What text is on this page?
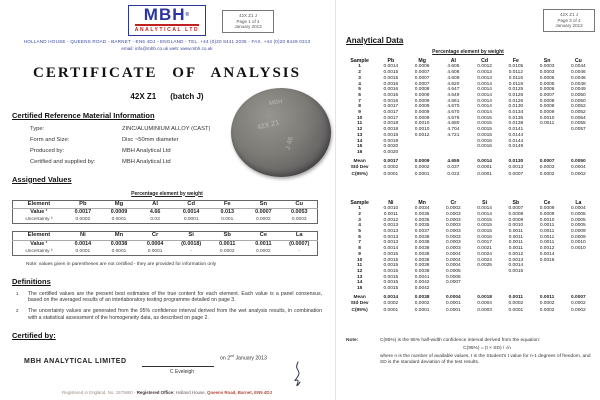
MBH®
ANALYTICAL LTD
42X Z1 J
Page 1 of 4
January 2013
HOLLAND HOUSE - QUEENS ROAD - BARNET - EN5 4DJ - ENGLAND - TEL. +44 (0)20 8441 2035 - FAX. +44 (0)20 8449 0313
email: info@mbh.co.uk web: www.mbh.co.uk
CERTIFICATE OF ANALYSIS
42X Z1 (batch J)
Certified Reference Material Information
Type:	ZINC/ALUMINIUM ALLOY (CAST)
Form and Size:	Disc ~50mm diameter
Produced by:	MBH Analytical Ltd
Certified and supplied by:	MBH Analytical Ltd
MBH
42X Z1
J 46
Assigned Values
Percentage element by weight
Element	Pb	Mg	Al	Cd	Fe	Sn	Cu
Value ¹	0.0017	0.0009	4.66	0.0014	0.013	0.0007	0.0053
Uncertainty ²	0.0002	0.0001	0.03	0.0001	0.001	0.0002	0.0003
Element	Ni	Mn	Cr	Si	Sb	Ce	La
Value ¹	0.0014	0.0038	0.0004	(0.0018)	0.0011	0.0011	(0.0007)
Uncertainty ²	0.0001	0.0001	0.0001	-	0.0002	0.0002	-
Note: values given in parentheses are not certified - they are provided for information only
Definitions
1	The certified values are the present best estimates of the true content for each element. Each value is a panel consensus, based on the averaged results of an interlaboratory testing programme detailed on page 3.
2	The uncertainty values are generated from the 95% confidence interval derived from the wet analysis results, in combination with a statistical assessment of the homogeneity data, as described on page 2.
Certified by:
MBH ANALYTICAL LIMITED
C Eveleigh
on 2nd January 2013
Registered in England, No. 1575660 - Registered Office: Holland House, Queens Road, Barnet, EN5 4DJ
42X Z1 J
Page 3 of 4
January 2013
Analytical Data
Percentage element by weight
Sample	Pb	Mg	Al	Cd	Fe	Sn	Cu
1	0.0014	0.0006	4.605	0.0012	0.0105	0.0003	0.0044
2	0.0015	0.0007	4.608	0.0013	0.0112	0.0003	0.0046
3	0.0015	0.0007	4.609	0.0013	0.0116	0.0005	0.0046
4	0.0016	0.0007	4.620	0.0014	0.0118	0.0005	0.0048
5	0.0016	0.0008	4.647	0.0014	0.0125	0.0006	0.0049
6	0.0016	0.0009	4.649	0.0014	0.0126	0.0007	0.0050
7	0.0016	0.0009	4.661	0.0014	0.0126	0.0008	0.0050
8	0.0017	0.0009	4.670	0.0014	0.0130	0.0008	0.0052
9	0.0017	0.0009	4.670	0.0014	0.0134	0.0009	0.0052
10	0.0017	0.0009	4.676	0.0015	0.0135	0.0010	0.0054
11	0.0018	0.0010	4.680	0.0015	0.0138	0.0011	0.0055
12	0.0018	0.0010	4.704	0.0015	0.0141		0.0057
13	0.0018	0.0012	4.721	0.0015	0.0144		
14	0.0019			0.0016	0.0144		
15	0.0020			0.0016	0.0149		
16	0.0020						
Mean	0.0017	0.0009	4.655	0.0014	0.0130	0.0007	0.0050
Std Dev	0.0002	0.0002	0.037	0.0001	0.0013	0.0003	0.0004
C(95%)	0.0001	0.0001	0.022	0.0001	0.0007	0.0002	0.0002
Sample	Ni	Mn	Cr	Si	Sb	Ce	La
1	0.0010	0.0034	0.0002	0.0014	0.0007	0.0009	0.0004
2	0.0011	0.0035	0.0003	0.0014	0.0008	0.0009	0.0005
3	0.0012	0.0035	0.0003	0.0015	0.0009	0.0010	0.0005
4	0.0013	0.0035	0.0003	0.0015	0.0010	0.0011	0.0005
5	0.0013	0.0037	0.0003	0.0015	0.0011	0.0011	0.0009
6	0.0013	0.0038	0.0003	0.0016	0.0011	0.0011	0.0009
7	0.0013	0.0038	0.0003	0.0017	0.0011	0.0011	0.0010
8	0.0014	0.0038	0.0003	0.0021	0.0011	0.0012	0.0010
9	0.0015	0.0038	0.0004	0.0024	0.0012	0.0014	
10	0.0015	0.0038	0.0004	0.0024	0.0013	0.0016	
11	0.0015	0.0038	0.0004	0.0025	0.0014		
12	0.0015	0.0038	0.0005		0.0015		
13	0.0015	0.0041	0.0006				
14	0.0015	0.0042	0.0007				
15	0.0015	0.0042					
Mean	0.0014	0.0038	0.0004	0.0018	0.0011	0.0011	0.0007
Std Dev	0.0002	0.0002	0.0001	0.0004	0.0002	0.0002	0.0002
C(95%)	0.0001	0.0001	0.0001	0.0003	0.0001	0.0002	0.0002
Note:	C(95%) is the 95% half-width confidence interval derived from the equation:
C(95%) = (t × SD) / √n
where n is the number of available values, t is the Student's t value for n-1 degrees of freedom, and SD is the standard deviation of the test results.
